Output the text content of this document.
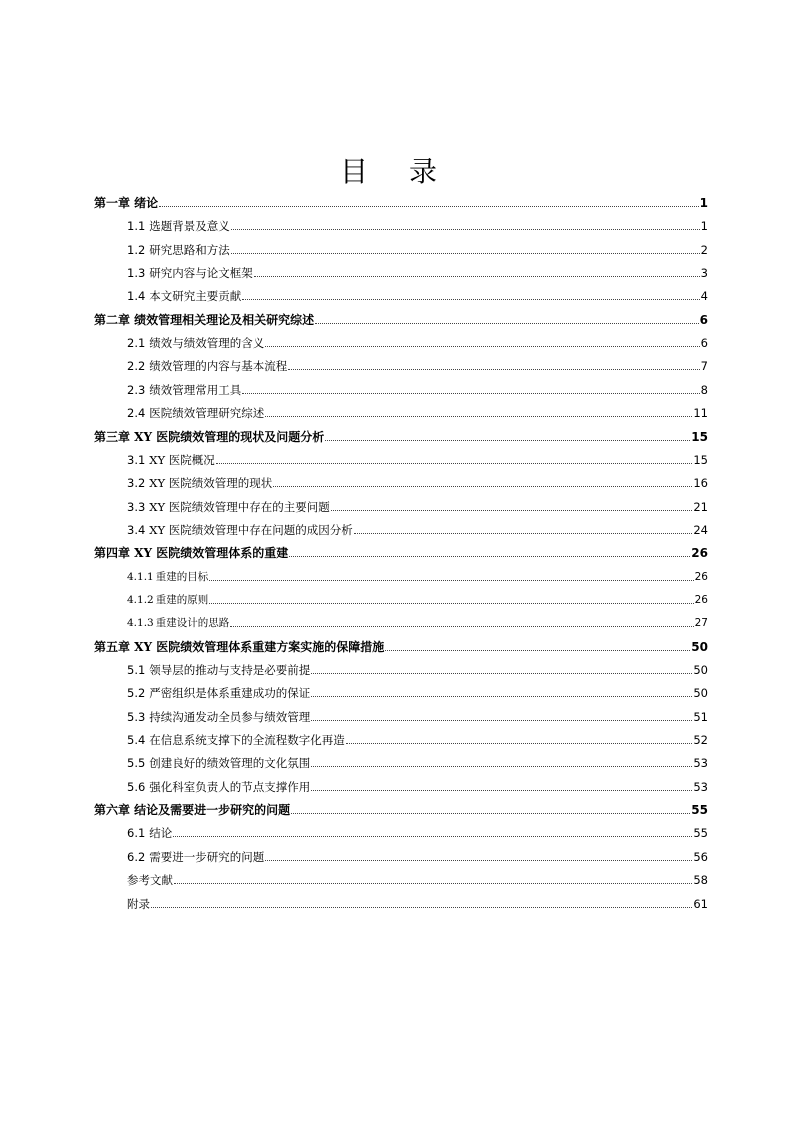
目 录
第一章 绪论	1
1.1 选题背景及意义	1
1.2 研究思路和方法	2
1.3 研究内容与论文框架	3
1.4 本文研究主要贡献	4
第二章 绩效管理相关理论及相关研究综述	6
2.1 绩效与绩效管理的含义	6
2.2 绩效管理的内容与基本流程	7
2.3 绩效管理常用工具	8
2.4 医院绩效管理研究综述	11
第三章 XY 医院绩效管理的现状及问题分析	15
3.1 XY 医院概况	15
3.2 XY 医院绩效管理的现状	16
3.3 XY 医院绩效管理中存在的主要问题	21
3.4 XY 医院绩效管理中存在问题的成因分析	24
第四章 XY 医院绩效管理体系的重建	26
4.1.1 重建的目标	26
4.1.2 重建的原则	26
4.1.3 重建设计的思路	27
第五章 XY 医院绩效管理体系重建方案实施的保障措施	50
5.1 领导层的推动与支持是必要前提	50
5.2 严密组织是体系重建成功的保证	50
5.3 持续沟通发动全员参与绩效管理	51
5.4 在信息系统支撑下的全流程数字化再造	52
5.5 创建良好的绩效管理的文化氛围	53
5.6 强化科室负责人的节点支撑作用	53
第六章 结论及需要进一步研究的问题	55
6.1 结论	55
6.2 需要进一步研究的问题	56
参考文献	58
附录	61
